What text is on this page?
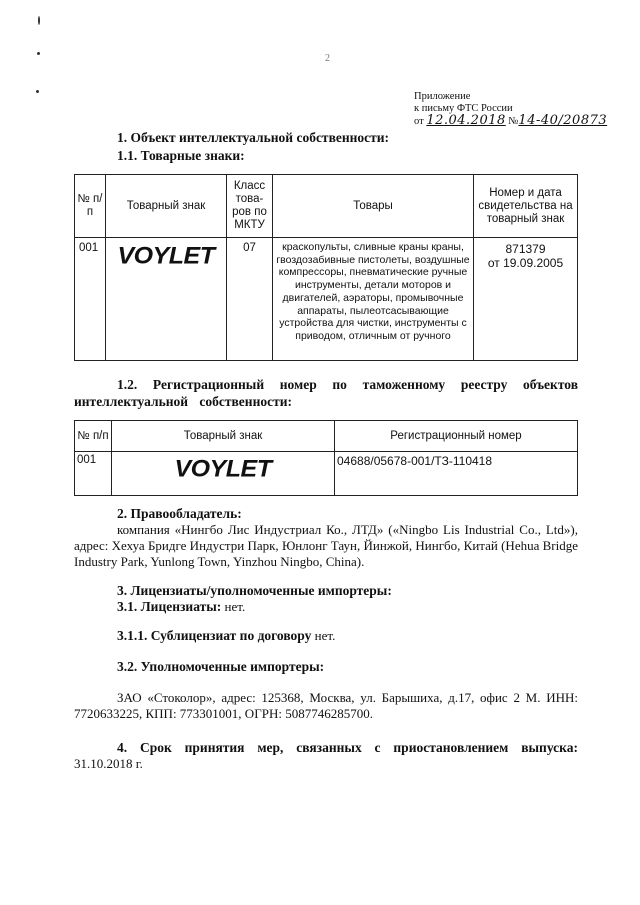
2
Приложение
к письму ФТС России
от 12.04.2018 №14-40/20873
1. Объект интеллектуальной собственности:
1.1. Товарные знаки:
№ п/п	Товарный знак	Класс това-ров по МКТУ	Товары	Номер и дата свидетельства на товарный знак
001	VOYLET	07	краскопульты, сливные краны краны, гвоздозабивные пистолеты, воздушные компрессоры, пневматические ручные инструменты, детали моторов и двигателей, аэраторы, промывочные аппараты, пылеотсасывающие устройства для чистки, инструменты с приводом, отличным от ручного	871379
от 19.09.2005
1.2. Регистрационный номер по таможенному реестру объектов интеллектуальной собственности:
№ п/п	Товарный знак	Регистрационный номер
001	VOYLET	04688/05678-001/ТЗ-110418
2. Правообладатель:
компания «Нингбо Лис Индустриал Ко., ЛТД» («Ningbo Lis Industrial Co., Ltd»), адрес: Хехуа Бридге Индустри Парк, Юнлонг Таун, Йинжой, Нингбо, Китай (Hehua Bridge Industry Park, Yunlong Town, Yinzhou Ningbo, China).
3. Лицензиаты/уполномоченные импортеры:
3.1. Лицензиаты: нет.
3.1.1. Сублицензиат по договору нет.
3.2. Уполномоченные импортеры:
ЗАО «Стоколор», адрес: 125368, Москва, ул. Барышиха, д.17, офис 2 М. ИНН: 7720633225, КПП: 773301001, ОГРН: 5087746285700.
4. Срок принятия мер, связанных с приостановлением выпуска: 31.10.2018 г.
